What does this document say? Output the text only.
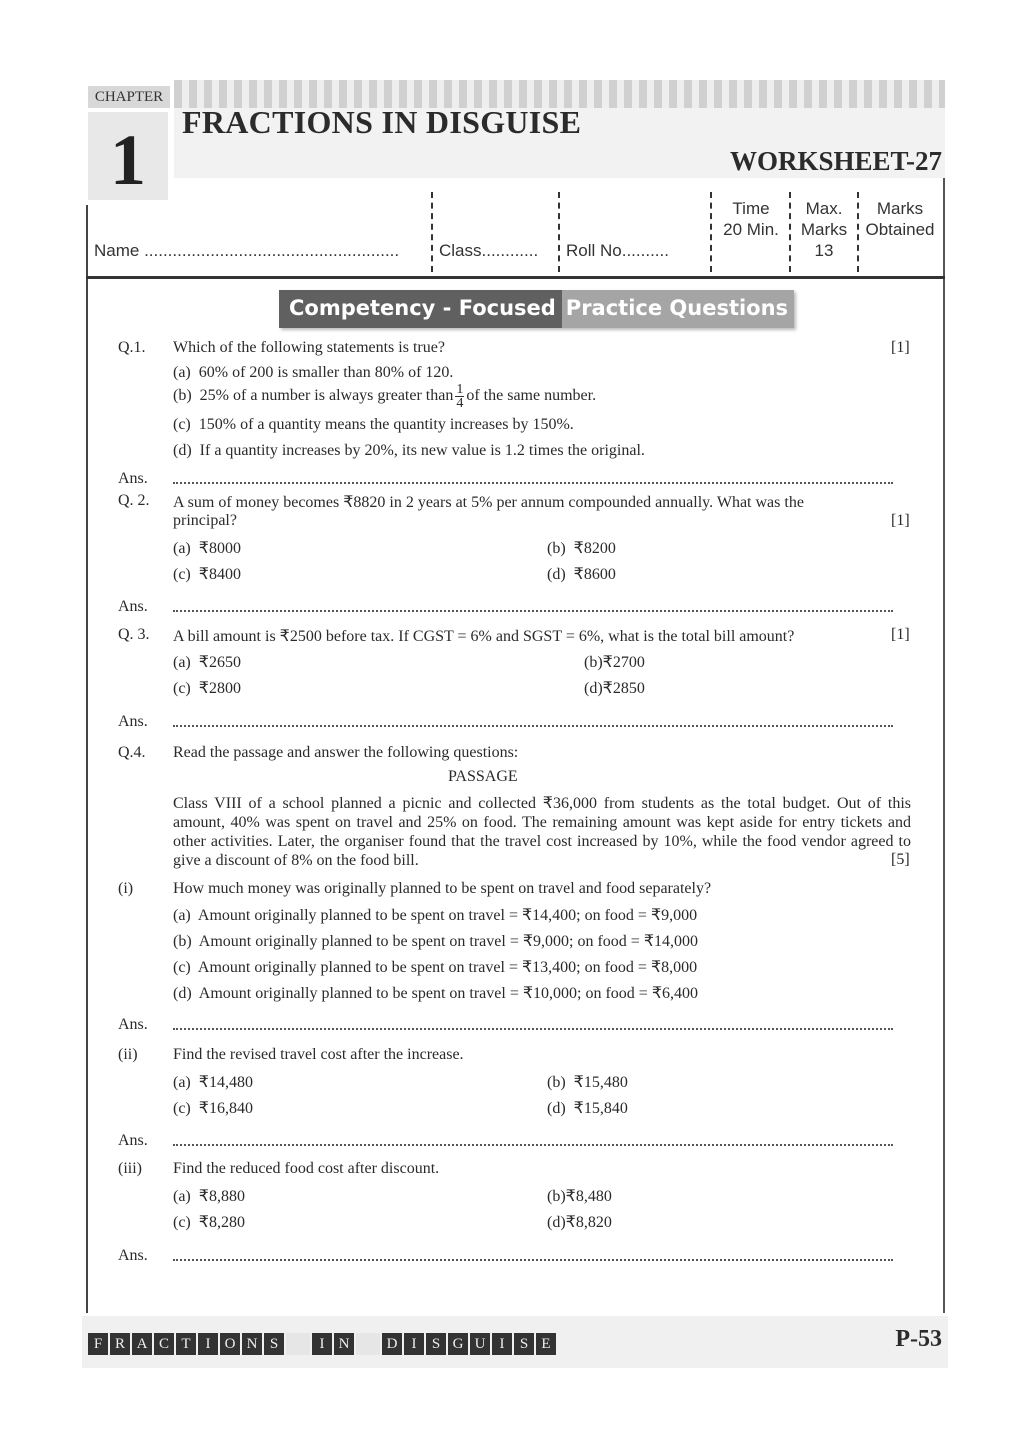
CHAPTER
1	FRACTIONS IN DISGUISE
WORKSHEET-27
Name ...................................................... Class............ Roll No..........
Time
20 Min.
Max.
Marks
13
Marks
Obtained
Competency - Focused Practice Questions
Q.1. Which of the following statements is true?	[1]
(a) 60% of 200 is smaller than 80% of 120.
(b) 25% of a number is always greater than $\frac{1}{4}$ of the same number.
(c) 150% of a quantity means the quantity increases by 150%.
(d) If a quantity increases by 20%, its new value is 1.2 times the original.
Ans.
Q. 2. A sum of money becomes ₹8820 in 2 years at 5% per annum compounded annually. What was the
principal?	[1]
(a) ₹8000	(b) ₹8200
(c) ₹8400	(d) ₹8600
Ans.
Q. 3. A bill amount is ₹2500 before tax. If CGST = 6% and SGST = 6%, what is the total bill amount?	[1]
(a) ₹2650	(b)₹2700
(c) ₹2800	(d)₹2850
Ans.
Q.4. Read the passage and answer the following questions:
PASSAGE
Class VIII of a school planned a picnic and collected ₹36,000 from students as the total budget. Out of this amount, 40% was spent on travel and 25% on food. The remaining amount was kept aside for entry tickets and other activities. Later, the organiser found that the travel cost increased by 10%, while the food vendor agreed to give a discount of 8% on the food bill.	[5]
(i) How much money was originally planned to be spent on travel and food separately?
(a) Amount originally planned to be spent on travel = ₹14,400; on food = ₹9,000
(b) Amount originally planned to be spent on travel = ₹9,000; on food = ₹14,000
(c) Amount originally planned to be spent on travel = ₹13,400; on food = ₹8,000
(d) Amount originally planned to be spent on travel = ₹10,000; on food = ₹6,400
Ans.
(ii) Find the revised travel cost after the increase.
(a) ₹14,480	(b) ₹15,480
(c) ₹16,840	(d) ₹15,840
Ans.
(iii) Find the reduced food cost after discount.
(a) ₹8,880	(b)₹8,480
(c) ₹8,280	(d)₹8,820
Ans.
F R A C T I O N S	I N	D I	S G U I	S E	P-53
